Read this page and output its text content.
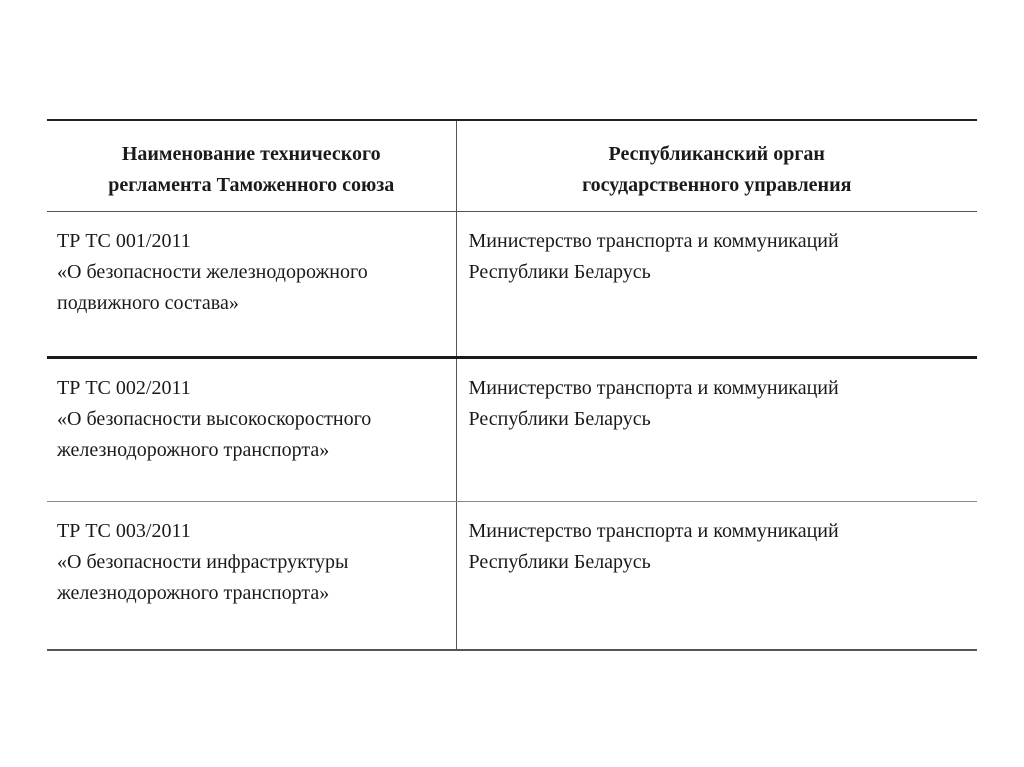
Наименование технического
регламента Таможенного союза	Республиканский орган
государственного управления

ТР ТС 001/2011
«О безопасности железнодорожного
подвижного состава»	Министерство транспорта и коммуникаций
Республики Беларусь

ТР ТС 002/2011
«О безопасности высокоскоростного
железнодорожного транспорта»	Министерство транспорта и коммуникаций
Республики Беларусь

ТР ТС 003/2011
«О безопасности инфраструктуры
железнодорожного транспорта»	Министерство транспорта и коммуникаций
Республики Беларусь
